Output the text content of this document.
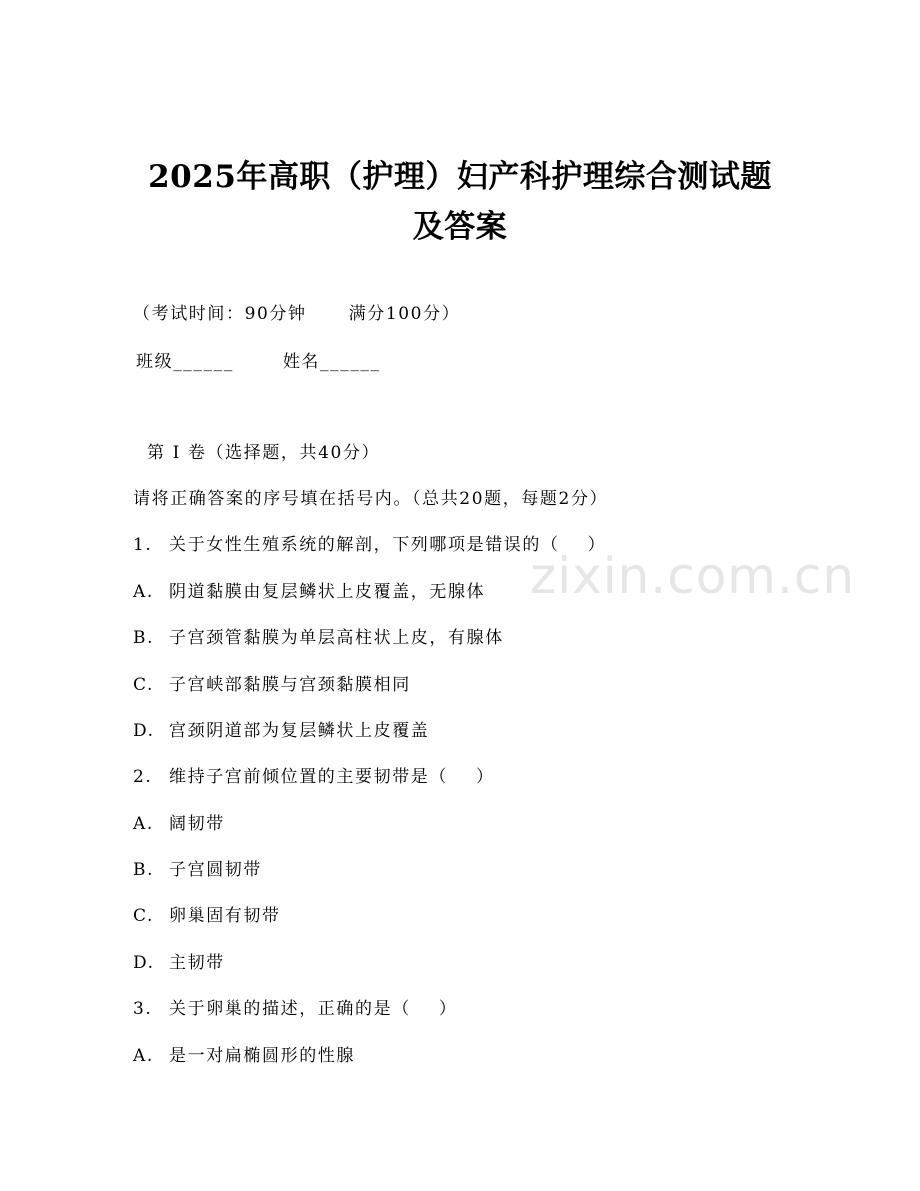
2025年高职（护理）妇产科护理综合测试题
及答案
（考试时间：90分钟      满分100分）
班级______       姓名______
第 I 卷（选择题，共40分）
请将正确答案的序号填在括号内。（总共20题，每题2分）
1. 关于女性生殖系统的解剖，下列哪项是错误的（    ）
A. 阴道黏膜由复层鳞状上皮覆盖，无腺体
B. 子宫颈管黏膜为单层高柱状上皮，有腺体
C. 子宫峡部黏膜与宫颈黏膜相同
D. 宫颈阴道部为复层鳞状上皮覆盖
2. 维持子宫前倾位置的主要韧带是（    ）
A. 阔韧带
B. 子宫圆韧带
C. 卵巢固有韧带
D. 主韧带
3. 关于卵巢的描述，正确的是（    ）
A. 是一对扁椭圆形的性腺
zixin.com.cn
